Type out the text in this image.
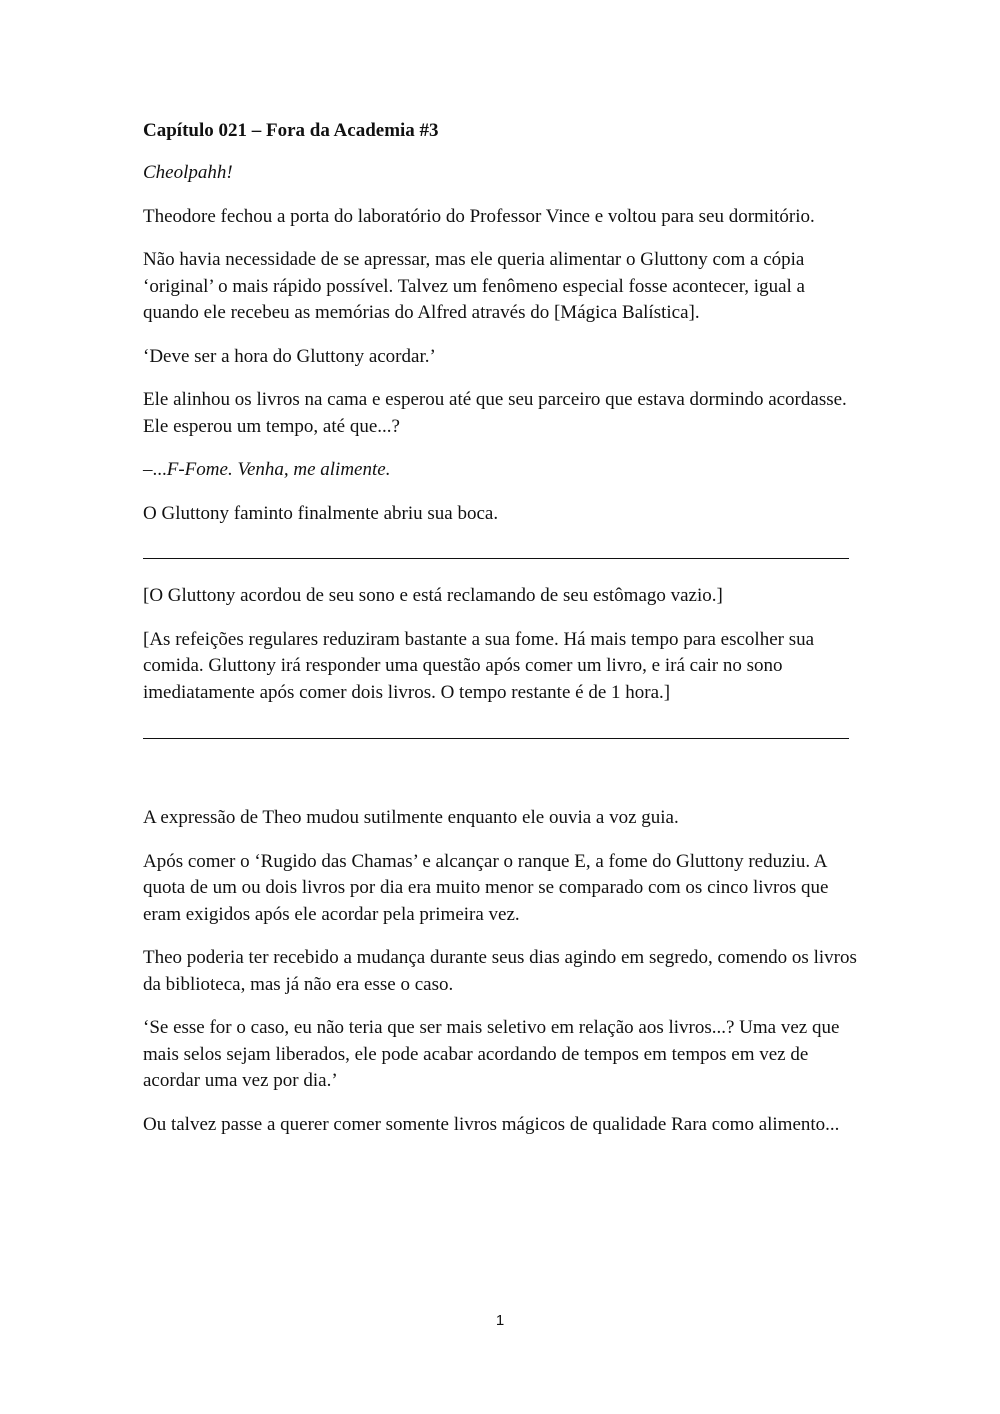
Capítulo 021 – Fora da Academia #3

Cheolpahh!

Theodore fechou a porta do laboratório do Professor Vince e voltou para seu dormitório.

Não havia necessidade de se apressar, mas ele queria alimentar o Gluttony com a cópia ‘original’ o mais rápido possível. Talvez um fenômeno especial fosse acontecer, igual a quando ele recebeu as memórias do Alfred através do [Mágica Balística].

‘Deve ser a hora do Gluttony acordar.’

Ele alinhou os livros na cama e esperou até que seu parceiro que estava dormindo acordasse. Ele esperou um tempo, até que...?

–...F-Fome. Venha, me alimente.

O Gluttony faminto finalmente abriu sua boca.

[O Gluttony acordou de seu sono e está reclamando de seu estômago vazio.]

[As refeições regulares reduziram bastante a sua fome. Há mais tempo para escolher sua comida. Gluttony irá responder uma questão após comer um livro, e irá cair no sono imediatamente após comer dois livros. O tempo restante é de 1 hora.]

A expressão de Theo mudou sutilmente enquanto ele ouvia a voz guia.

Após comer o ‘Rugido das Chamas’ e alcançar o ranque E, a fome do Gluttony reduziu. A quota de um ou dois livros por dia era muito menor se comparado com os cinco livros que eram exigidos após ele acordar pela primeira vez.

Theo poderia ter recebido a mudança durante seus dias agindo em segredo, comendo os livros da biblioteca, mas já não era esse o caso.

‘Se esse for o caso, eu não teria que ser mais seletivo em relação aos livros...? Uma vez que mais selos sejam liberados, ele pode acabar acordando de tempos em tempos em vez de acordar uma vez por dia.’

Ou talvez passe a querer comer somente livros mágicos de qualidade Rara como alimento...

1
